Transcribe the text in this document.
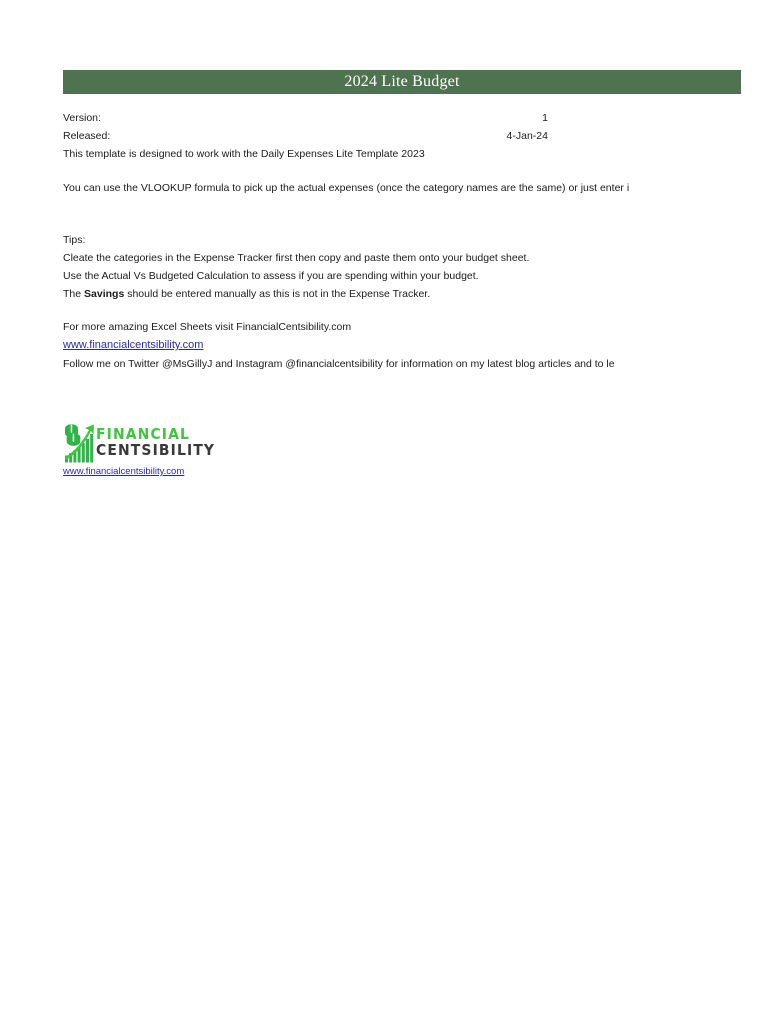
2024 Lite Budget
Version:	1
Released:	4-Jan-24
This template is designed to work with the Daily Expenses Lite Template 2023
You can use the VLOOKUP formula to pick up the actual expenses (once the category names are the same) or just enter i
Tips:
Cleate the categories in the Expense Tracker first then copy and paste them onto your budget sheet.
Use the Actual Vs Budgeted Calculation to assess if you are spending within your budget.
The Savings should be entered manually as this is not in the Expense Tracker.
For more amazing Excel Sheets visit FinancialCentsibility.com
www.financialcentsibility.com
Follow me on Twitter @MsGillyJ and Instagram @financialcentsibility for information on my latest blog articles and to le
FINANCIAL
CENTSIBILITY
www.financialcentsibility.com
